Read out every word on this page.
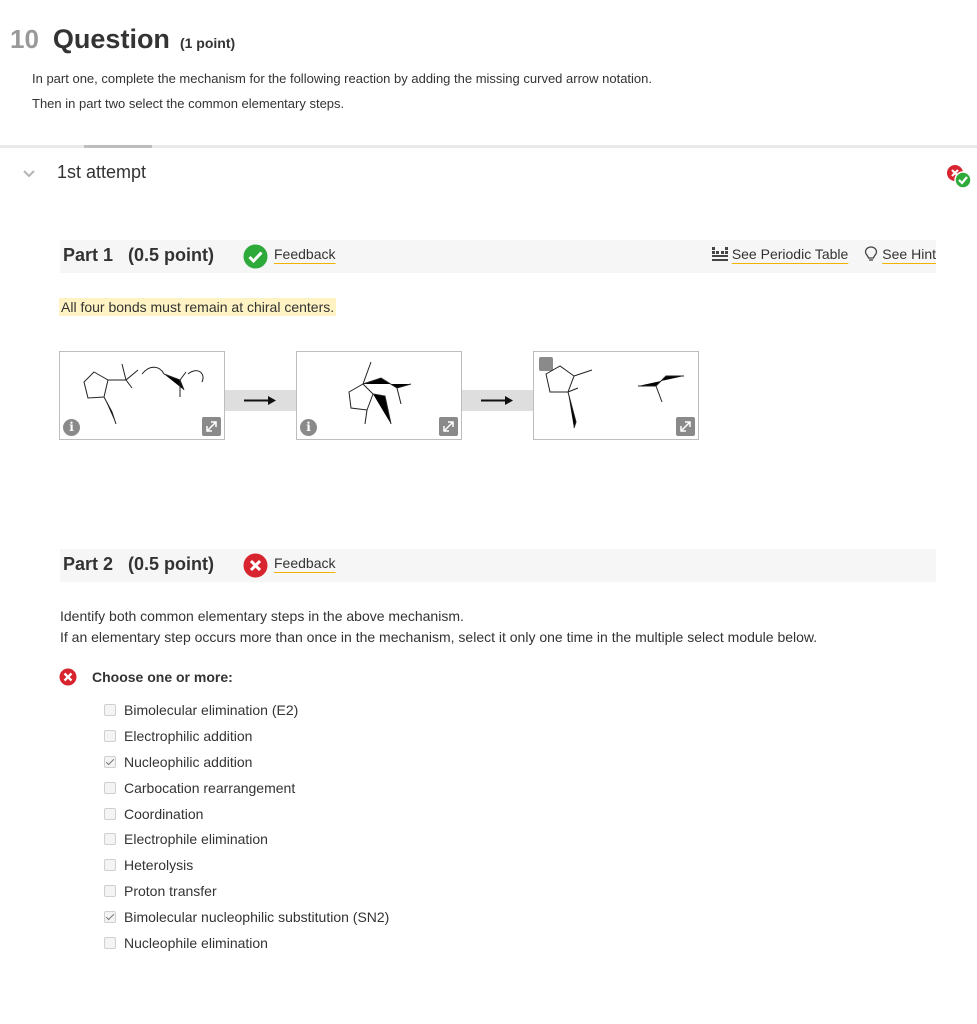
10 Question (1 point)
In part one, complete the mechanism for the following reaction by adding the missing curved arrow notation.
Then in part two select the common elementary steps.
1st attempt
Part 1 (0.5 point)	Feedback	See Periodic Table See Hint
All four bonds must remain at chiral centers.
i	i
Part 2 (0.5 point)	Feedback
Identify both common elementary steps in the above mechanism.
If an elementary step occurs more than once in the mechanism, select it only one time in the multiple select module below.
Choose one or more:
Bimolecular elimination (E2)
Electrophilic addition
Nucleophilic addition
Carbocation rearrangement
Coordination
Electrophile elimination
Heterolysis
Proton transfer
Bimolecular nucleophilic substitution (SN2)
Nucleophile elimination
